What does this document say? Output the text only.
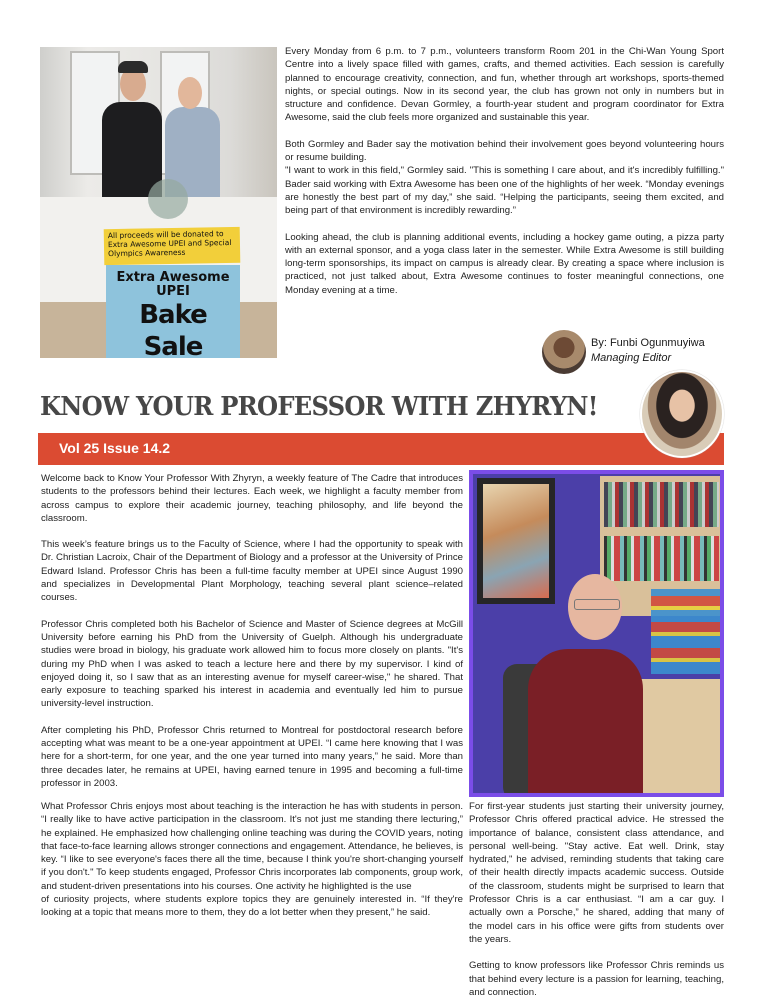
All proceeds will be donated to Extra Awesome UPEI and Special Olympics Awareness
Extra Awesome
UPEI
Bake Sale

Every Monday from 6 p.m. to 7 p.m., volunteers transform Room 201 in the Chi-Wan Young Sport Centre into a lively space filled with games, crafts, and themed activities. Each session is carefully planned to encourage creativity, connection, and fun, whether through art workshops, sports-themed nights, or special outings. Now in its second year, the club has grown not only in numbers but in structure and confidence. Devan Gormley, a fourth-year student and program coordinator for Extra Awesome, said the club feels more organized and sustainable this year.

Both Gormley and Bader say the motivation behind their involvement goes beyond volunteering hours or resume building.

"I want to work in this field," Gormley said. "This is something I care about, and it's incredibly fulfilling." Bader said working with Extra Awesome has been one of the highlights of her week. “Monday evenings are honestly the best part of my day,” she said. “Helping the participants, seeing them excited, and being part of that environment is incredibly rewarding.”

Looking ahead, the club is planning additional events, including a hockey game outing, a pizza party with an external sponsor, and a yoga class later in the semester. While Extra Awesome is still building long-term sponsorships, its impact on campus is already clear. By creating a space where inclusion is practiced, not just talked about, Extra Awesome continues to foster meaningful connections, one Monday evening at a time.

By: Funbi Ogunmuyiwa
Managing Editor
KNOW YOUR PROFESSOR WITH ZHYRYN!
Vol 25 Issue 14.2

Welcome back to Know Your Professor With Zhyryn, a weekly feature of The Cadre that introduces students to the professors behind their lectures. Each week, we highlight a faculty member from across campus to explore their academic journey, teaching philosophy, and life beyond the classroom.

This week’s feature brings us to the Faculty of Science, where I had the opportunity to speak with Dr. Christian Lacroix, Chair of the Department of Biology and a professor at the University of Prince Edward Island. Professor Chris has been a full-time faculty member at UPEI since August 1990 and specializes in Developmental Plant Morphology, teaching several plant science–related courses.

Professor Chris completed both his Bachelor of Science and Master of Science degrees at McGill University before earning his PhD from the University of Guelph. Although his undergraduate studies were broad in biology, his graduate work allowed him to focus more closely on plants. "It's during my PhD when I was asked to teach a lecture here and there by my supervisor. I kind of enjoyed doing it, so I saw that as an interesting avenue for myself career-wise," he shared. That early exposure to teaching sparked his interest in academia and eventually led him to pursue university-level instruction.

After completing his PhD, Professor Chris returned to Montreal for postdoctoral research before accepting what was meant to be a one-year appointment at UPEI. “I came here knowing that I was here for a short-term, for one year, and the one year turned into many years,” he said. More than three decades later, he remains at UPEI, having earned tenure in 1995 and becoming a full-time professor in 2003.

What Professor Chris enjoys most about teaching is the interaction he has with students in person. “I really like to have active participation in the classroom. It's not just me standing there lecturing,” he explained. He emphasized how challenging online teaching was during the COVID years, noting that face-to-face learning allows stronger connections and engagement. Attendance, he believes, is key. “I like to see everyone's faces there all the time, because I think you're short-changing yourself if you don't." To keep students engaged, Professor Chris incorporates lab components, group work, and student-driven presentations into his courses. One activity he highlighted is the use

of curiosity projects, where students explore topics they are genuinely interested in. “If they're looking at a topic that means more to them, they do a lot better when they present,” he said.

For first-year students just starting their university journey, Professor Chris offered practical advice. He stressed the importance of balance, consistent class attendance, and personal well-being. "Stay active. Eat well. Drink, stay hydrated," he advised, reminding students that taking care of their health directly impacts academic success. Outside of the classroom, students might be surprised to learn that Professor Chris is a car enthusiast. “I am a car guy. I actually own a Porsche,” he shared, adding that many of the model cars in his office were gifts from students over the years.

Getting to know professors like Professor Chris reminds us that behind every lecture is a passion for learning, teaching, and connection.
